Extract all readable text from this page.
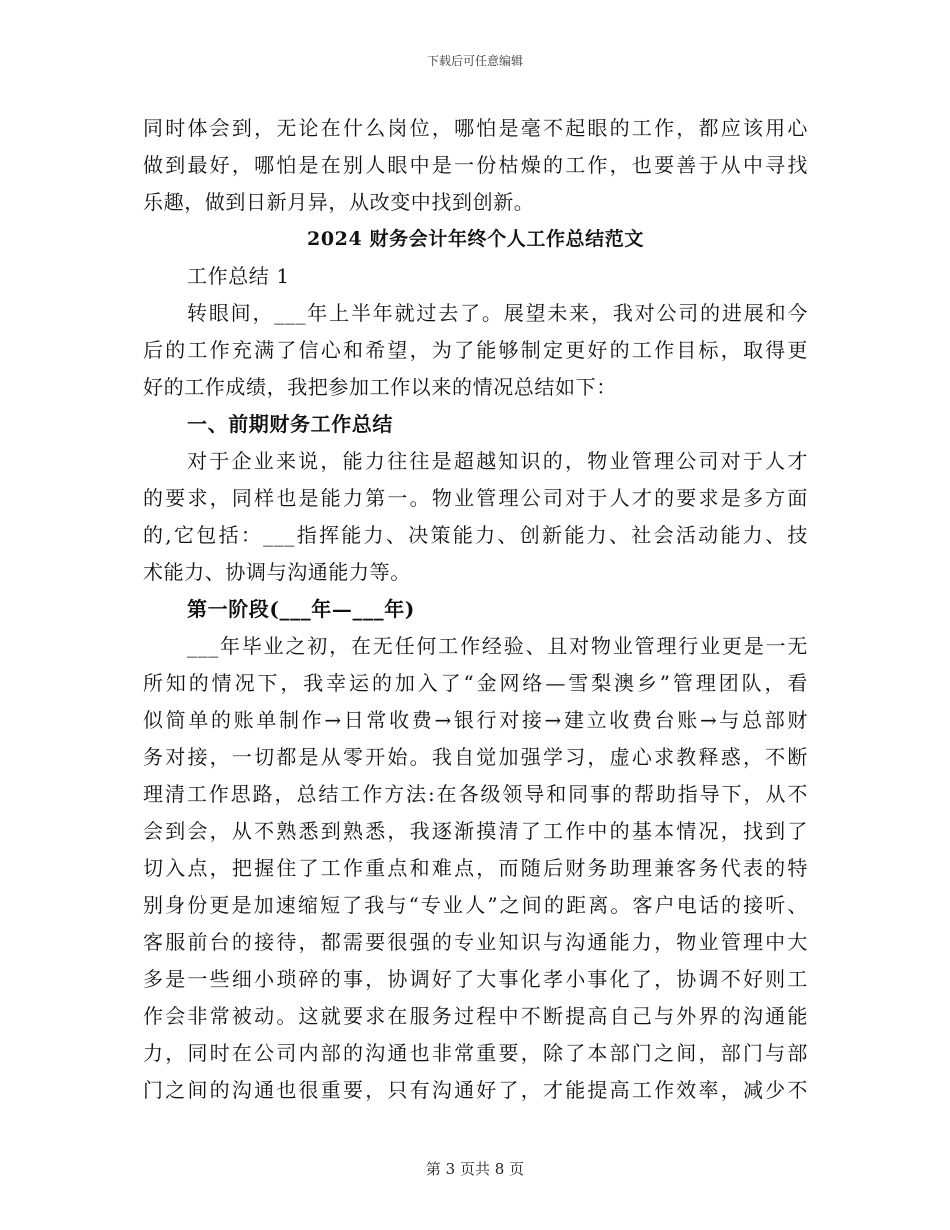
下载后可任意编辑
同时体会到，无论在什么岗位，哪怕是毫不起眼的工作，都应该用心
做到最好，哪怕是在别人眼中是一份枯燥的工作，也要善于从中寻找
乐趣，做到日新月异，从改变中找到创新。
2024 财务会计年终个人工作总结范文
工作总结 1
转眼间，___年上半年就过去了。展望未来，我对公司的进展和今
后的工作充满了信心和希望，为了能够制定更好的工作目标，取得更
好的工作成绩，我把参加工作以来的情况总结如下：
一、前期财务工作总结
对于企业来说，能力往往是超越知识的，物业管理公司对于人才
的要求，同样也是能力第一。物业管理公司对于人才的要求是多方面
的,它包括：___指挥能力、决策能力、创新能力、社会活动能力、技
术能力、协调与沟通能力等。
第一阶段(___年—___年)
___年毕业之初，在无任何工作经验、且对物业管理行业更是一无
所知的情况下，我幸运的加入了“金网络—雪梨澳乡”管理团队，看
似简单的账单制作→日常收费→银行对接→建立收费台账→与总部财
务对接，一切都是从零开始。我自觉加强学习，虚心求教释惑，不断
理清工作思路，总结工作方法:在各级领导和同事的帮助指导下，从不
会到会，从不熟悉到熟悉，我逐渐摸清了工作中的基本情况，找到了
切入点，把握住了工作重点和难点，而随后财务助理兼客务代表的特
别身份更是加速缩短了我与“专业人”之间的距离。客户电话的接听、
客服前台的接待，都需要很强的专业知识与沟通能力，物业管理中大
多是一些细小琐碎的事，协调好了大事化孝小事化了，协调不好则工
作会非常被动。这就要求在服务过程中不断提高自己与外界的沟通能
力，同时在公司内部的沟通也非常重要，除了本部门之间，部门与部
门之间的沟通也很重要，只有沟通好了，才能提高工作效率，减少不
第 3 页共 8 页
